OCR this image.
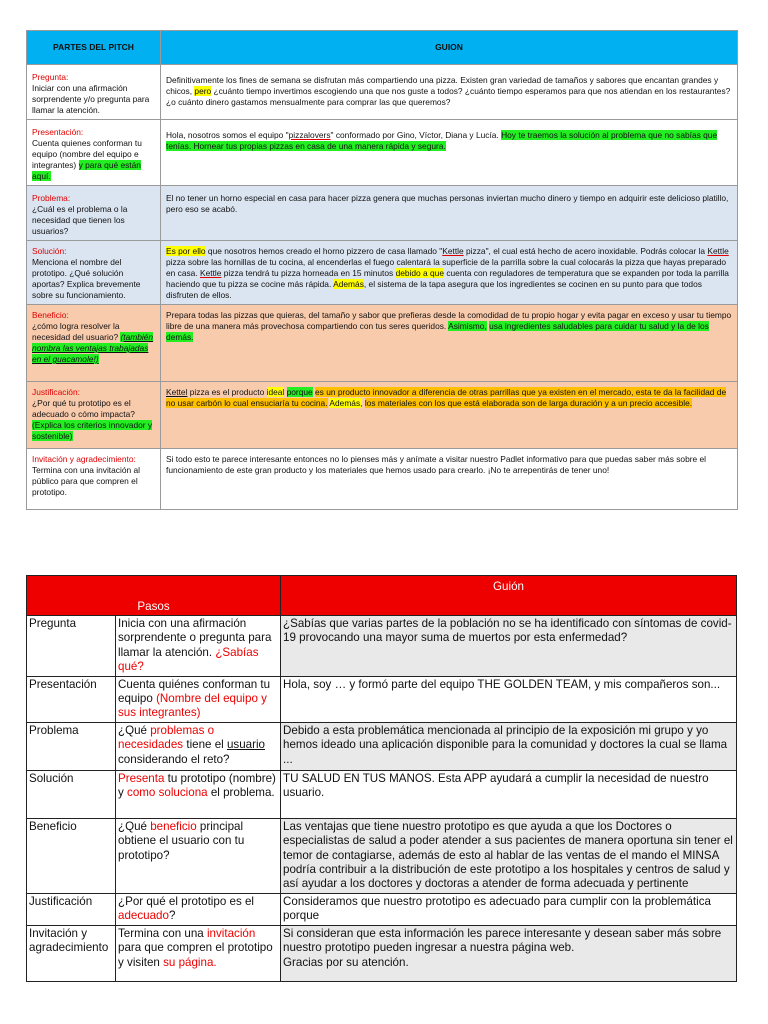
PARTES DEL PITCH	GUION

Pregunta:
Iniciar con una afirmación sorprendente y/o pregunta para llamar la atención.	Definitivamente los fines de semana se disfrutan más compartiendo una pizza. Existen gran variedad de tamaños y sabores que encantan grandes y chicos, pero ¿cuánto tiempo invertimos escogiendo una que nos guste a todos? ¿cuánto tiempo esperamos para que nos atiendan en los restaurantes? ¿o cuánto dinero gastamos mensualmente para comprar las que queremos?

Presentación:
Cuenta quienes conforman tu equipo (nombre del equipo e integrantes) y para qué están aquí.	Hola, nosotros somos el equipo "pizzalovers" conformado por Gino, Víctor, Diana y Lucía. Hoy te traemos la solución al problema que no sabías que tenías. Hornear tus propias pizzas en casa de una manera rápida y segura.

Problema:
¿Cuál es el problema o la necesidad que tienen los usuarios?	El no tener un horno especial en casa para hacer pizza genera que muchas personas inviertan mucho dinero y tiempo en adquirir este delicioso platillo, pero eso se acabó.

Solución:
Menciona el nombre del prototipo. ¿Qué solución aportas? Explica brevemente sobre su funcionamiento.	Es por ello que nosotros hemos creado el horno pizzero de casa llamado "Kettle pizza", el cual está hecho de acero inoxidable. Podrás colocar la Kettle pizza sobre las hornillas de tu cocina, al encenderlas el fuego calentará la superficie de la parrilla sobre la cual colocarás la pizza que hayas preparado en casa. Kettle pizza tendrá tu pizza horneada en 15 minutos debido a que cuenta con reguladores de temperatura que se expanden por toda la parrilla haciendo que tu pizza se cocine más rápida. Además, el sistema de la tapa asegura que los ingredientes se cocinen en su punto para que todos disfruten de ellos.

Beneficio:
¿cómo logra resolver la necesidad del usuario? (también nombra las ventajas trabajadas en el guacamole!)	Prepara todas las pizzas que quieras, del tamaño y sabor que prefieras desde la comodidad de tu propio hogar y evita pagar en exceso y usar tu tiempo libre de una manera más provechosa compartiendo con tus seres queridos. Asimismo, usa ingredientes saludables para cuidar tu salud y la de los demás.

Justificación:
¿Por qué tu prototipo es el adecuado o cómo impacta? (Explica los criterios innovador y sostenible)	Kettel pizza es el producto ideal porque es un producto innovador a diferencia de otras parrillas que ya existen en el mercado, esta te da la facilidad de no usar carbón lo cual ensuciaría tu cocina. Además, los materiales con los que está elaborada son de larga duración y a un precio accesible.

Invitación y agradecimiento:
Termina con una invitación al público para que compren el prototipo.	Si todo esto te parece interesante entonces no lo pienses más y anímate a visitar nuestro Padlet informativo para que puedas saber más sobre el funcionamiento de este gran producto y los materiales que hemos usado para crearlo. ¡No te arrepentirás de tener uno!
Pasos		Guión
Pregunta	Inicia con una afirmación sorprendente o pregunta para llamar la atención. ¿Sabías qué?	¿Sabías que varias partes de la población no se ha identificado con síntomas de covid-19 provocando una mayor suma de muertos por esta enfermedad?
Presentación	Cuenta quiénes conforman tu equipo (Nombre del equipo y sus integrantes)	Hola, soy … y formó parte del equipo THE GOLDEN TEAM, y mis compañeros son...
Problema	¿Qué problemas o necesidades tiene el usuario considerando el reto?	Debido a esta problemática mencionada al principio de la exposición mi grupo y yo hemos ideado una aplicación disponible para la comunidad y doctores la cual se llama ...
Solución	Presenta tu prototipo (nombre) y como soluciona el problema.	TU SALUD EN TUS MANOS. Esta APP ayudará a cumplir la necesidad de nuestro usuario.
Beneficio	¿Qué beneficio principal obtiene el usuario con tu prototipo?	Las ventajas que tiene nuestro prototipo es que ayuda a que los Doctores o especialistas de salud a poder atender a sus pacientes de manera oportuna sin tener el temor de contagiarse, además de esto al hablar de las ventas de el mando el MINSA podría contribuir a la distribución de este prototipo a los hospitales y centros de salud y así ayudar a los doctores y doctoras a atender de forma adecuada y pertinente
Justificación	¿Por qué el prototipo es el adecuado?	Consideramos que nuestro prototipo es adecuado para cumplir con la problemática porque
Invitación y agradecimiento	Termina con una invitación para que compren el prototipo y visiten su página.	Si consideran que esta información les parece interesante y desean saber más sobre nuestro prototipo pueden ingresar a nuestra página web.
Gracias por su atención.
